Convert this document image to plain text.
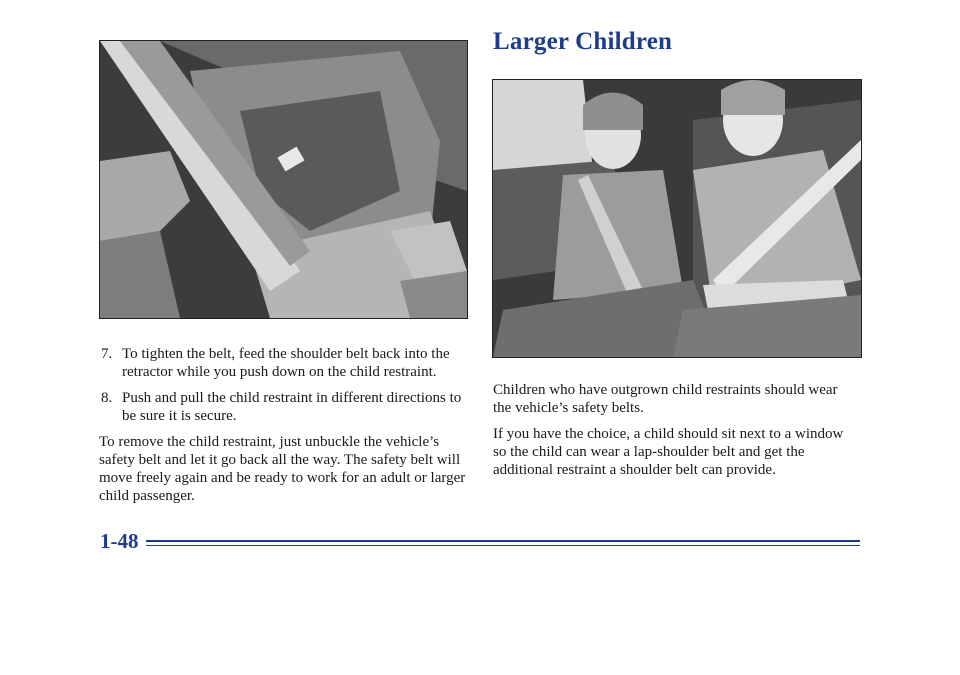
7. To tighten the belt, feed the shoulder belt back into the retractor while you push down on the child restraint.
8. Push and pull the child restraint in different directions to be sure it is secure.

To remove the child restraint, just unbuckle the vehicle’s safety belt and let it go back all the way. The safety belt will move freely again and be ready to work for an adult or larger child passenger.

Larger Children

Children who have outgrown child restraints should wear the vehicle’s safety belts.

If you have the choice, a child should sit next to a window so the child can wear a lap-shoulder belt and get the additional restraint a shoulder belt can provide.

1-48
